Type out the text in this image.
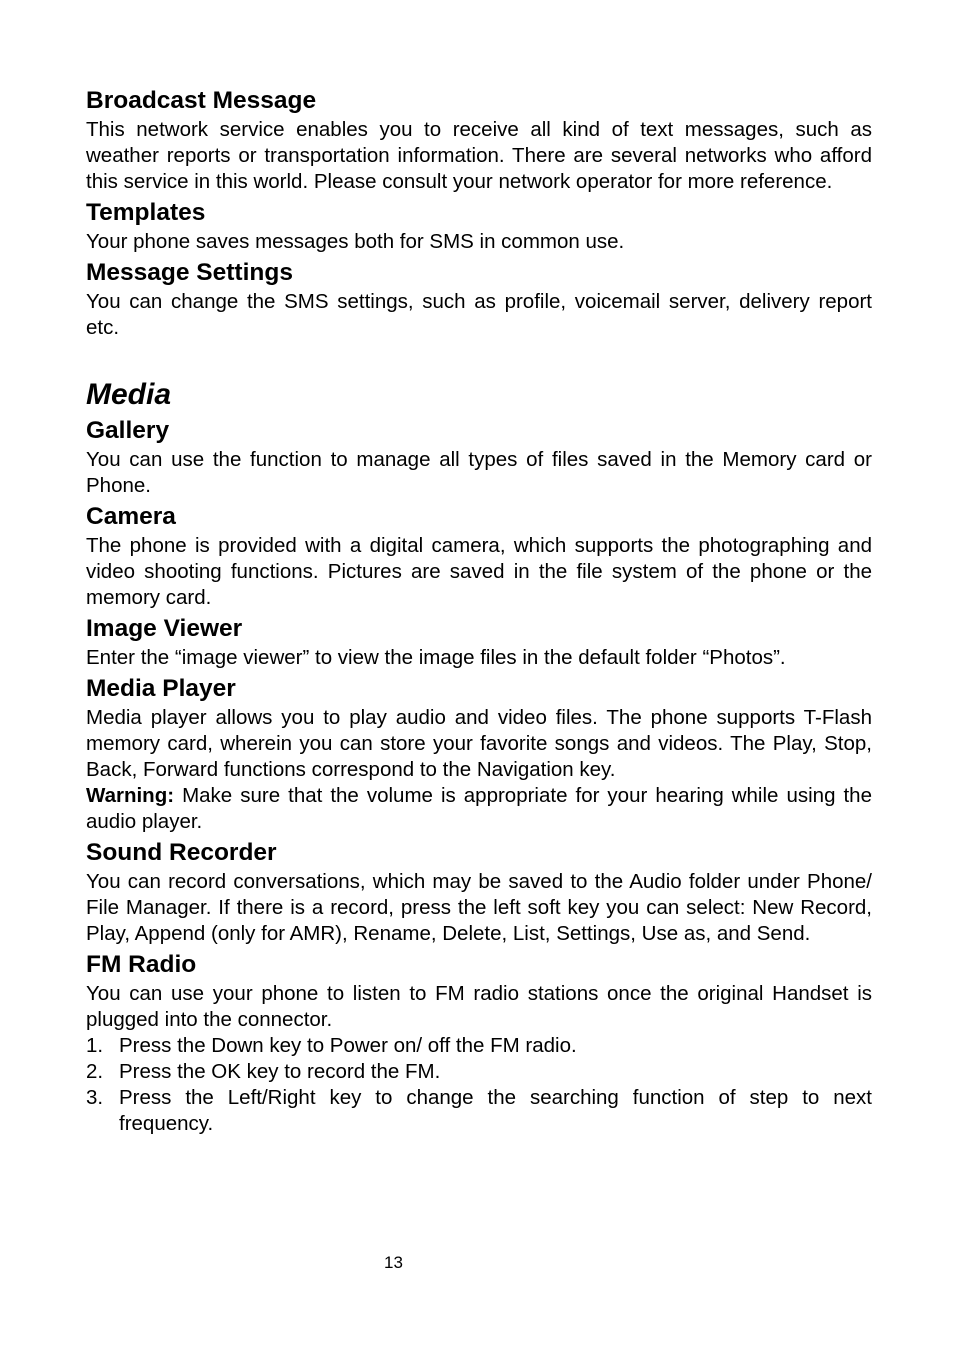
Broadcast Message

This network service enables you to receive all kind of text messages, such as weather reports or transportation information. There are several networks who afford this service in this world. Please consult your network operator for more reference.

Templates

Your phone saves messages both for SMS in common use.

Message Settings

You can change the SMS settings, such as profile, voicemail server, delivery report etc.

Media
Gallery

You can use the function to manage all types of files saved in the Memory card or Phone.

Camera

The phone is provided with a digital camera, which supports the photographing and video shooting functions. Pictures are saved in the file system of the phone or the memory card.

Image Viewer

Enter the “image viewer” to view the image files in the default folder “Photos”.

Media Player

Media player allows you to play audio and video files. The phone supports T-Flash memory card, wherein you can store your favorite songs and videos. The Play, Stop, Back, Forward functions correspond to the Navigation key.

Warning: Make sure that the volume is appropriate for your hearing while using the audio player.

Sound Recorder

You can record conversations, which may be saved to the Audio folder under Phone/ File Manager. If there is a record, press the left soft key you can select: New Record, Play, Append (only for AMR), Rename, Delete, List, Settings, Use as, and Send.

FM Radio

You can use your phone to listen to FM radio stations once the original Handset is plugged into the connector.

1. Press the Down key to Power on/ off the FM radio.
2. Press the OK key to record the FM.
3. Press the Left/Right key to change the searching function of step to next frequency.
13
